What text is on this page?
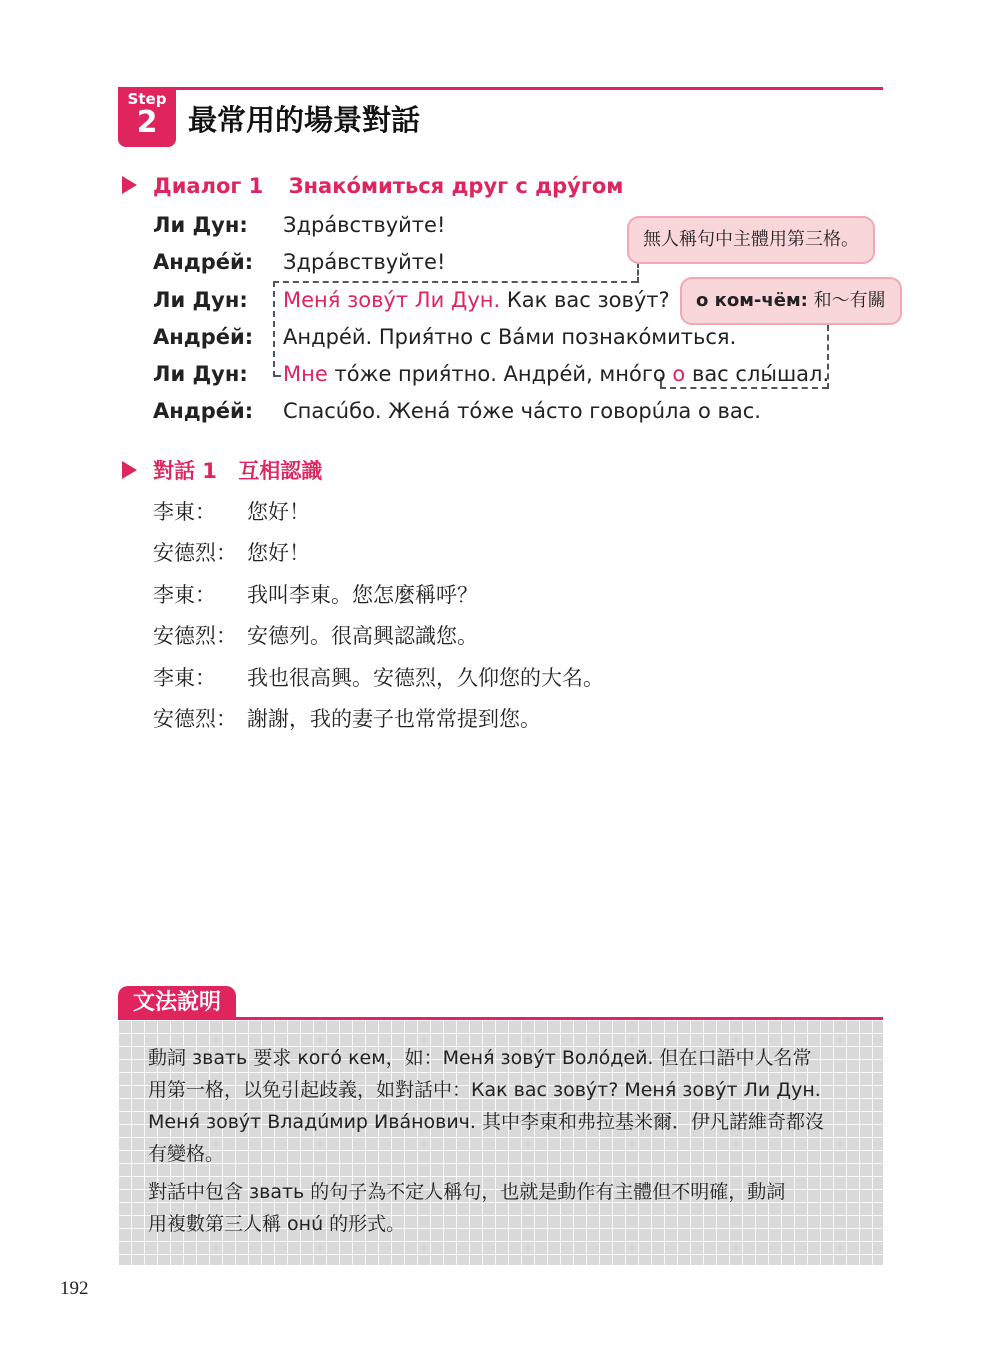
Step
2	最常用的場景對話
Диалог 1 Знакóмиться друг с дрýгом
Ли Дун: Здрáвствуйте!
Андрéй: Здрáвствуйте!
Ли Дун: Меня́ зовýт Ли Дун. Как вас зовýт?
Андрéй: Андрéй. Прия́тно с Вáми познакóмиться.
Ли Дун: Мне тóже прия́тно. Андрéй, мнóго о вас слы́шал.
Андрéй: Спасúбо. Женá тóже чáсто говорúла о вас.
無人稱句中主體用第三格。
о ком-чём: 和～有關
對話 1 互相認識
李東： 您好！
安德烈： 您好！
李東： 我叫李東。您怎麼稱呼？
安德烈： 安德列。很高興認識您。
李東： 我也很高興。安德烈，久仰您的大名。
安德烈： 謝謝，我的妻子也常常提到您。
文法說明

動詞 звать 要求 когó кем，如：Меня́ зовýт Волóдей. 但在口語中人名常
用第一格，以免引起歧義，如對話中：Как вас зовýт? Меня́ зовýт Ли Дун.
Меня́ зовýт Владúмир Ивáнович. 其中李東和弗拉基米爾．伊凡諾維奇都沒
有變格。

對話中包含 звать 的句子為不定人稱句，也就是動作有主體但不明確，動詞
用複數第三人稱 онú 的形式。

192
